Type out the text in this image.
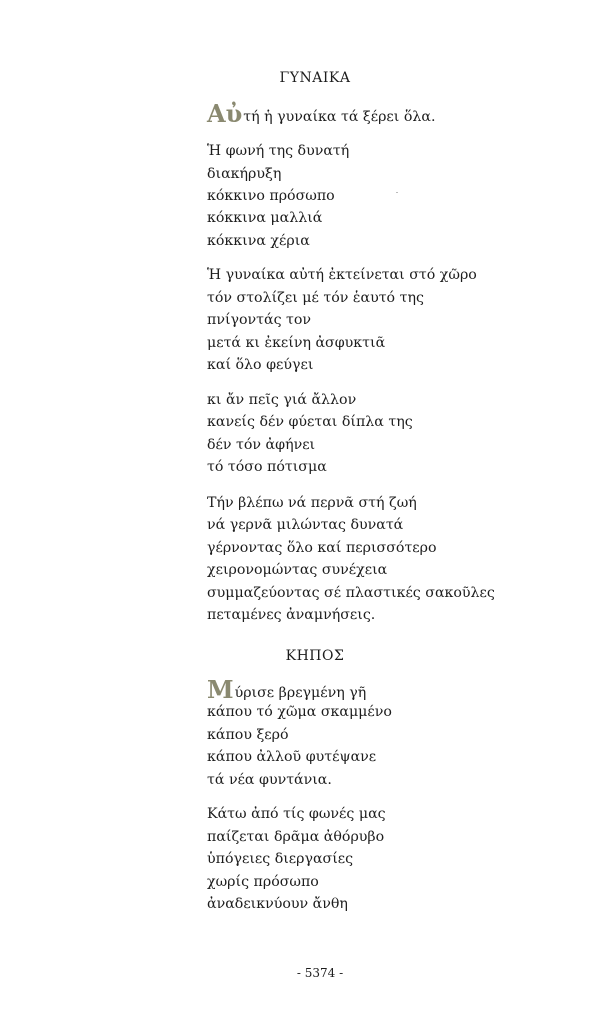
ΓΥΝΑΙΚΑ
Αὐτή ἡ γυναίκα τά ξέρει ὅλα.
Ἡ φωνή της δυνατή
διακήρυξη
κόκκινο πρόσωπο
κόκκινα μαλλιά
κόκκινα χέρια
Ἡ γυναίκα αὐτή ἐκτείνεται στό χῶρο
τόν στολίζει μέ τόν ἑαυτό της
πνίγοντάς τον
μετά κι ἐκείνη ἀσφυκτιᾶ
καί ὅλο φεύγει
κι ἄν πεῖς γιά ἄλλον
κανείς δέν φύεται δίπλα της
δέν τόν ἀφήνει
τό τόσο πότισμα
Τήν βλέπω νά περνᾶ στή ζωή
νά γερνᾶ μιλώντας δυνατά
γέρνοντας ὅλο καί περισσότερο
χειρονομώντας συνέχεια
συμμαζεύοντας σέ πλαστικές σακοῦλες
πεταμένες ἀναμνήσεις.
ΚΗΠΟΣ
Μύρισε βρεγμένη γῆ
κάπου τό χῶμα σκαμμένο
κάπου ξερό
κάπου ἀλλοῦ φυτέψανε
τά νέα φυντάνια.
Κάτω ἀπό τίς φωνές μας
παίζεται δρᾶμα ἀθόρυβο
ὑπόγειες διεργασίες
χωρίς πρόσωπο
ἀναδεικνύουν ἄνθη
- 5374 -
